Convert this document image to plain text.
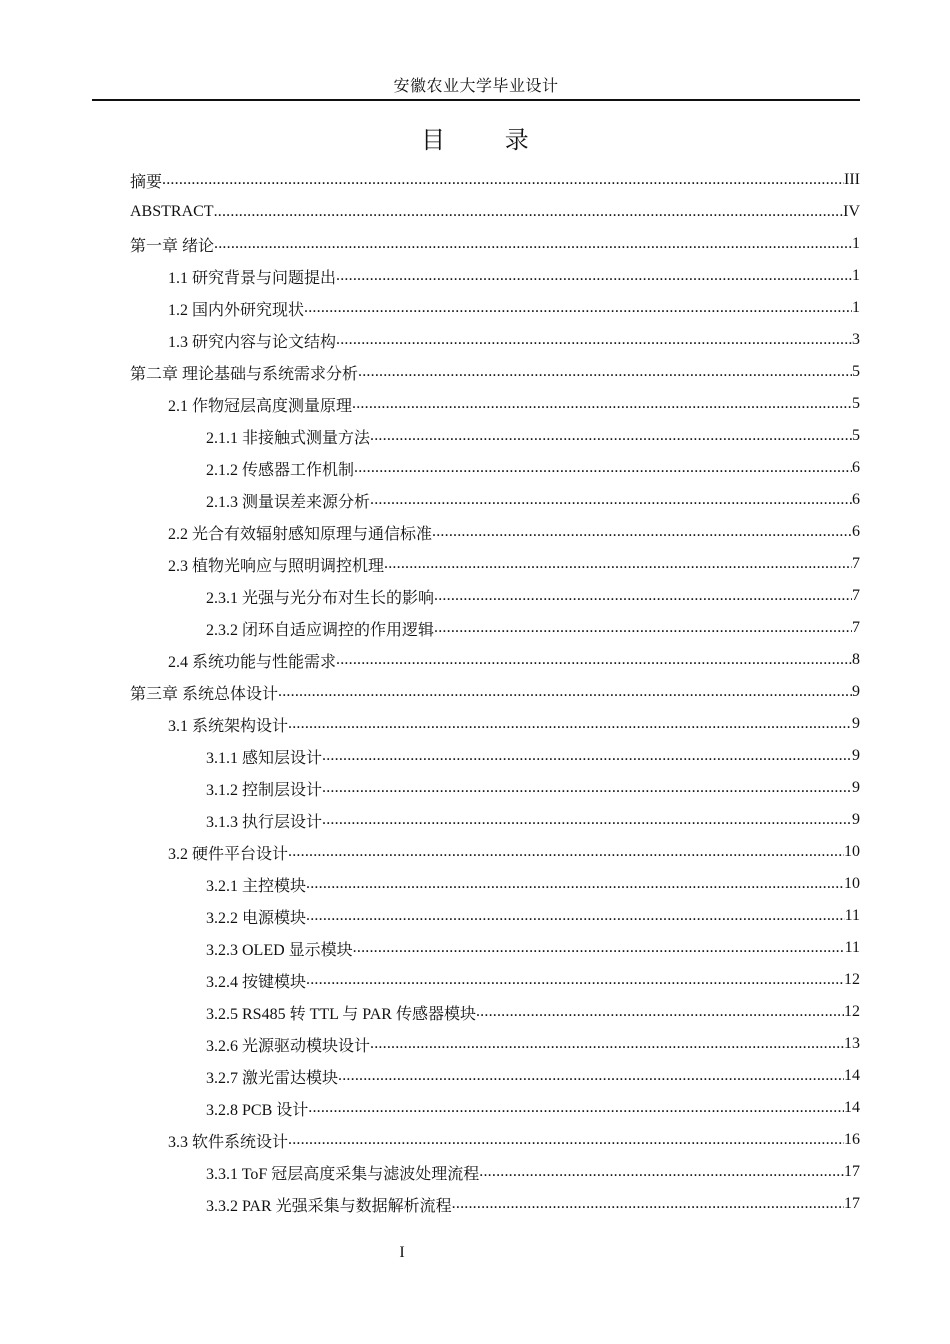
安徽农业大学毕业设计
目 录
摘要 .....	III
ABSTRACT .....	IV
第一章 绪论 .....	1
1.1 研究背景与问题提出 .....	1
1.2 国内外研究现状 .....	1
1.3 研究内容与论文结构 .....	3
第二章 理论基础与系统需求分析 .....	5
2.1 作物冠层高度测量原理 .....	5
2.1.1 非接触式测量方法 .....	5
2.1.2 传感器工作机制 .....	6
2.1.3 测量误差来源分析 .....	6
2.2 光合有效辐射感知原理与通信标准 .....	6
2.3 植物光响应与照明调控机理 .....	7
2.3.1 光强与光分布对生长的影响 .....	7
2.3.2 闭环自适应调控的作用逻辑 .....	7
2.4 系统功能与性能需求 .....	8
第三章 系统总体设计 .....	9
3.1 系统架构设计 .....	9
3.1.1 感知层设计 .....	9
3.1.2 控制层设计 .....	9
3.1.3 执行层设计 .....	9
3.2 硬件平台设计 .....	10
3.2.1 主控模块 .....	10
3.2.2 电源模块 .....	11
3.2.3 OLED 显示模块 .....	11
3.2.4 按键模块 .....	12
3.2.5 RS485 转 TTL 与 PAR 传感器模块 .....	12
3.2.6 光源驱动模块设计 .....	13
3.2.7 激光雷达模块 .....	14
3.2.8 PCB 设计 .....	14
3.3 软件系统设计 .....	16
3.3.1 ToF 冠层高度采集与滤波处理流程 .....	17
3.3.2 PAR 光强采集与数据解析流程 .....	17
I
